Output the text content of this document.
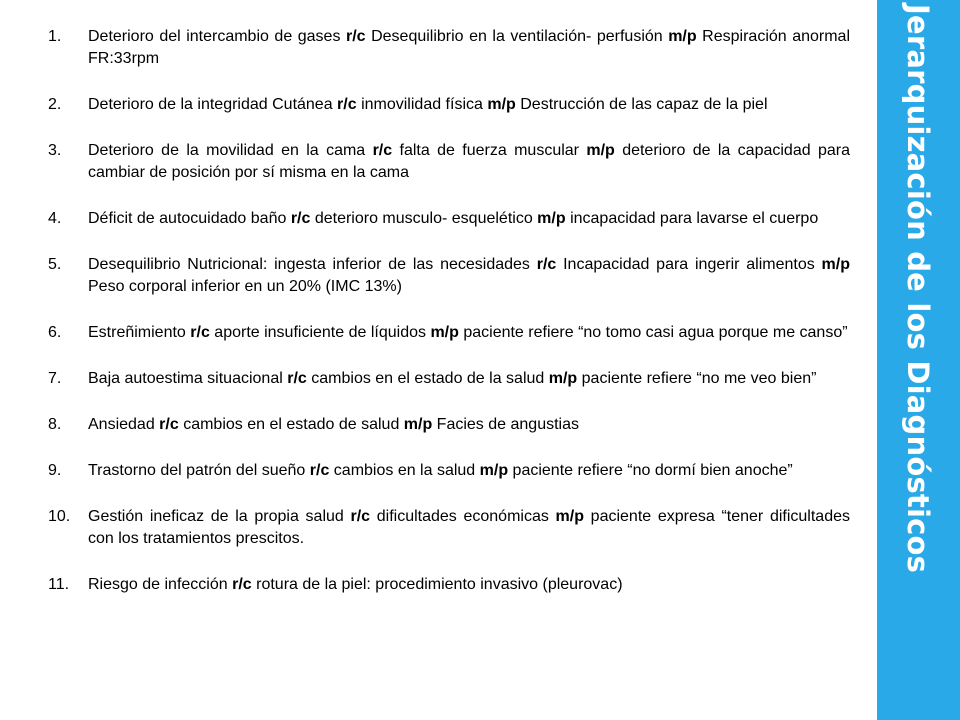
1. Deterioro del intercambio de gases r/c Desequilibrio en la ventilación- perfusión m/p Respiración anormal FR:33rpm
2. Deterioro de la integridad Cutánea r/c inmovilidad física m/p Destrucción de las capaz de la piel
3. Deterioro de la movilidad en la cama r/c falta de fuerza muscular m/p deterioro de la capacidad para cambiar de posición por sí misma en la cama
4. Déficit de autocuidado baño r/c deterioro musculo- esquelético m/p incapacidad para lavarse el cuerpo
5. Desequilibrio Nutricional: ingesta inferior de las necesidades r/c Incapacidad para ingerir alimentos m/p Peso corporal inferior en un 20% (IMC 13%)
6. Estreñimiento r/c aporte insuficiente de líquidos m/p paciente refiere “no tomo casi agua porque me canso”
7. Baja autoestima situacional r/c cambios en el estado de la salud m/p paciente refiere “no me veo bien”
8. Ansiedad r/c cambios en el estado de salud m/p Facies de angustias
9. Trastorno del patrón del sueño r/c cambios en la salud m/p paciente refiere “no dormí bien anoche”
10. Gestión ineficaz de la propia salud r/c dificultades económicas m/p paciente expresa “tener dificultades con los tratamientos prescitos.
11. Riesgo de infección r/c rotura de la piel: procedimiento invasivo (pleurovac)
Jerarquización de los Diagnósticos
